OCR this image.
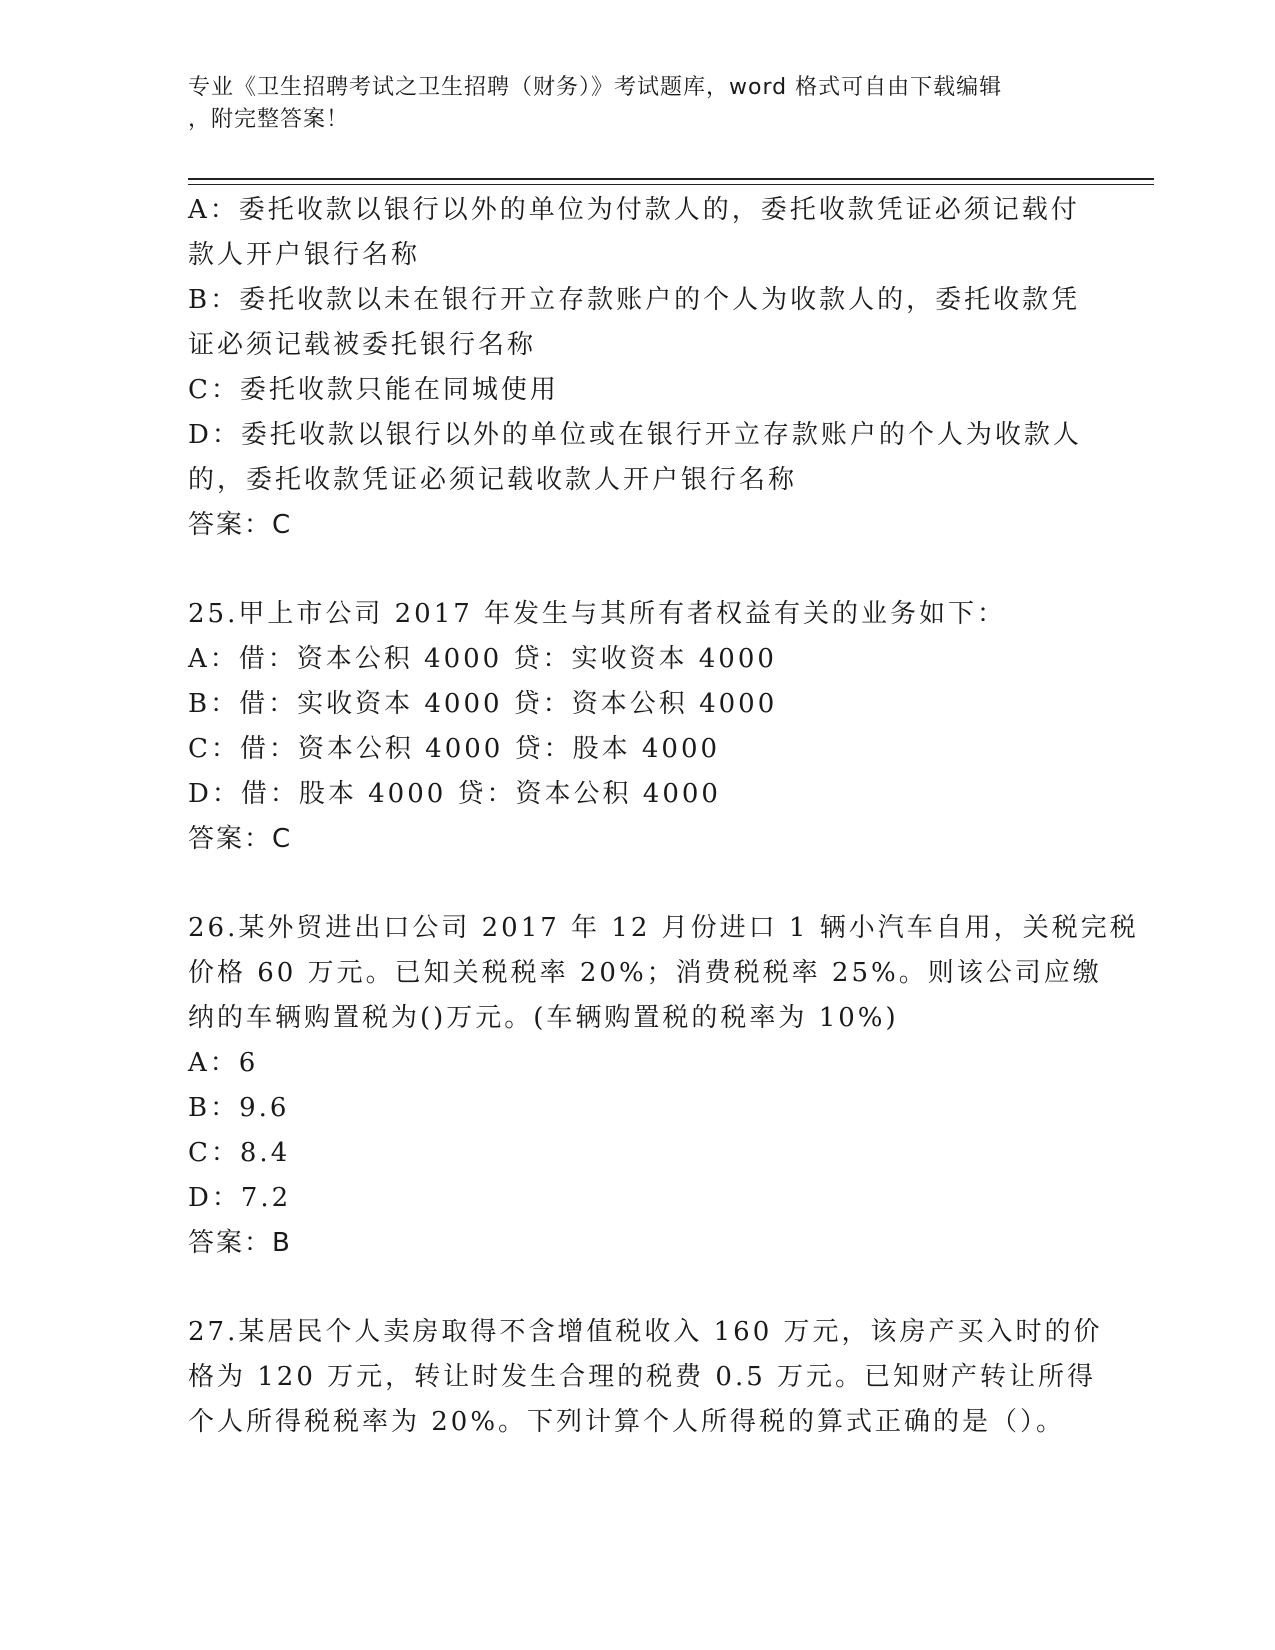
专业《卫生招聘考试之卫生招聘（财务）》考试题库，word 格式可自由下载编辑
，附完整答案！
A：委托收款以银行以外的单位为付款人的，委托收款凭证必须记载付
款人开户银行名称
B：委托收款以未在银行开立存款账户的个人为收款人的，委托收款凭
证必须记载被委托银行名称
C：委托收款只能在同城使用
D：委托收款以银行以外的单位或在银行开立存款账户的个人为收款人
的，委托收款凭证必须记载收款人开户银行名称
答案：C
25.甲上市公司 2017 年发生与其所有者权益有关的业务如下：
A：借：资本公积 4000 贷：实收资本 4000
B：借：实收资本 4000 贷：资本公积 4000
C：借：资本公积 4000 贷：股本 4000
D：借：股本 4000 贷：资本公积 4000
答案：C
26.某外贸进出口公司 2017 年 12 月份进口 1 辆小汽车自用，关税完税
价格 60 万元。已知关税税率 20%；消费税税率 25%。则该公司应缴
纳的车辆购置税为()万元。(车辆购置税的税率为 10%)
A：6
B：9.6
C：8.4
D：7.2
答案：B
27.某居民个人卖房取得不含增值税收入 160 万元，该房产买入时的价
格为 120 万元，转让时发生合理的税费 0.5 万元。已知财产转让所得
个人所得税税率为 20%。下列计算个人所得税的算式正确的是（）。
